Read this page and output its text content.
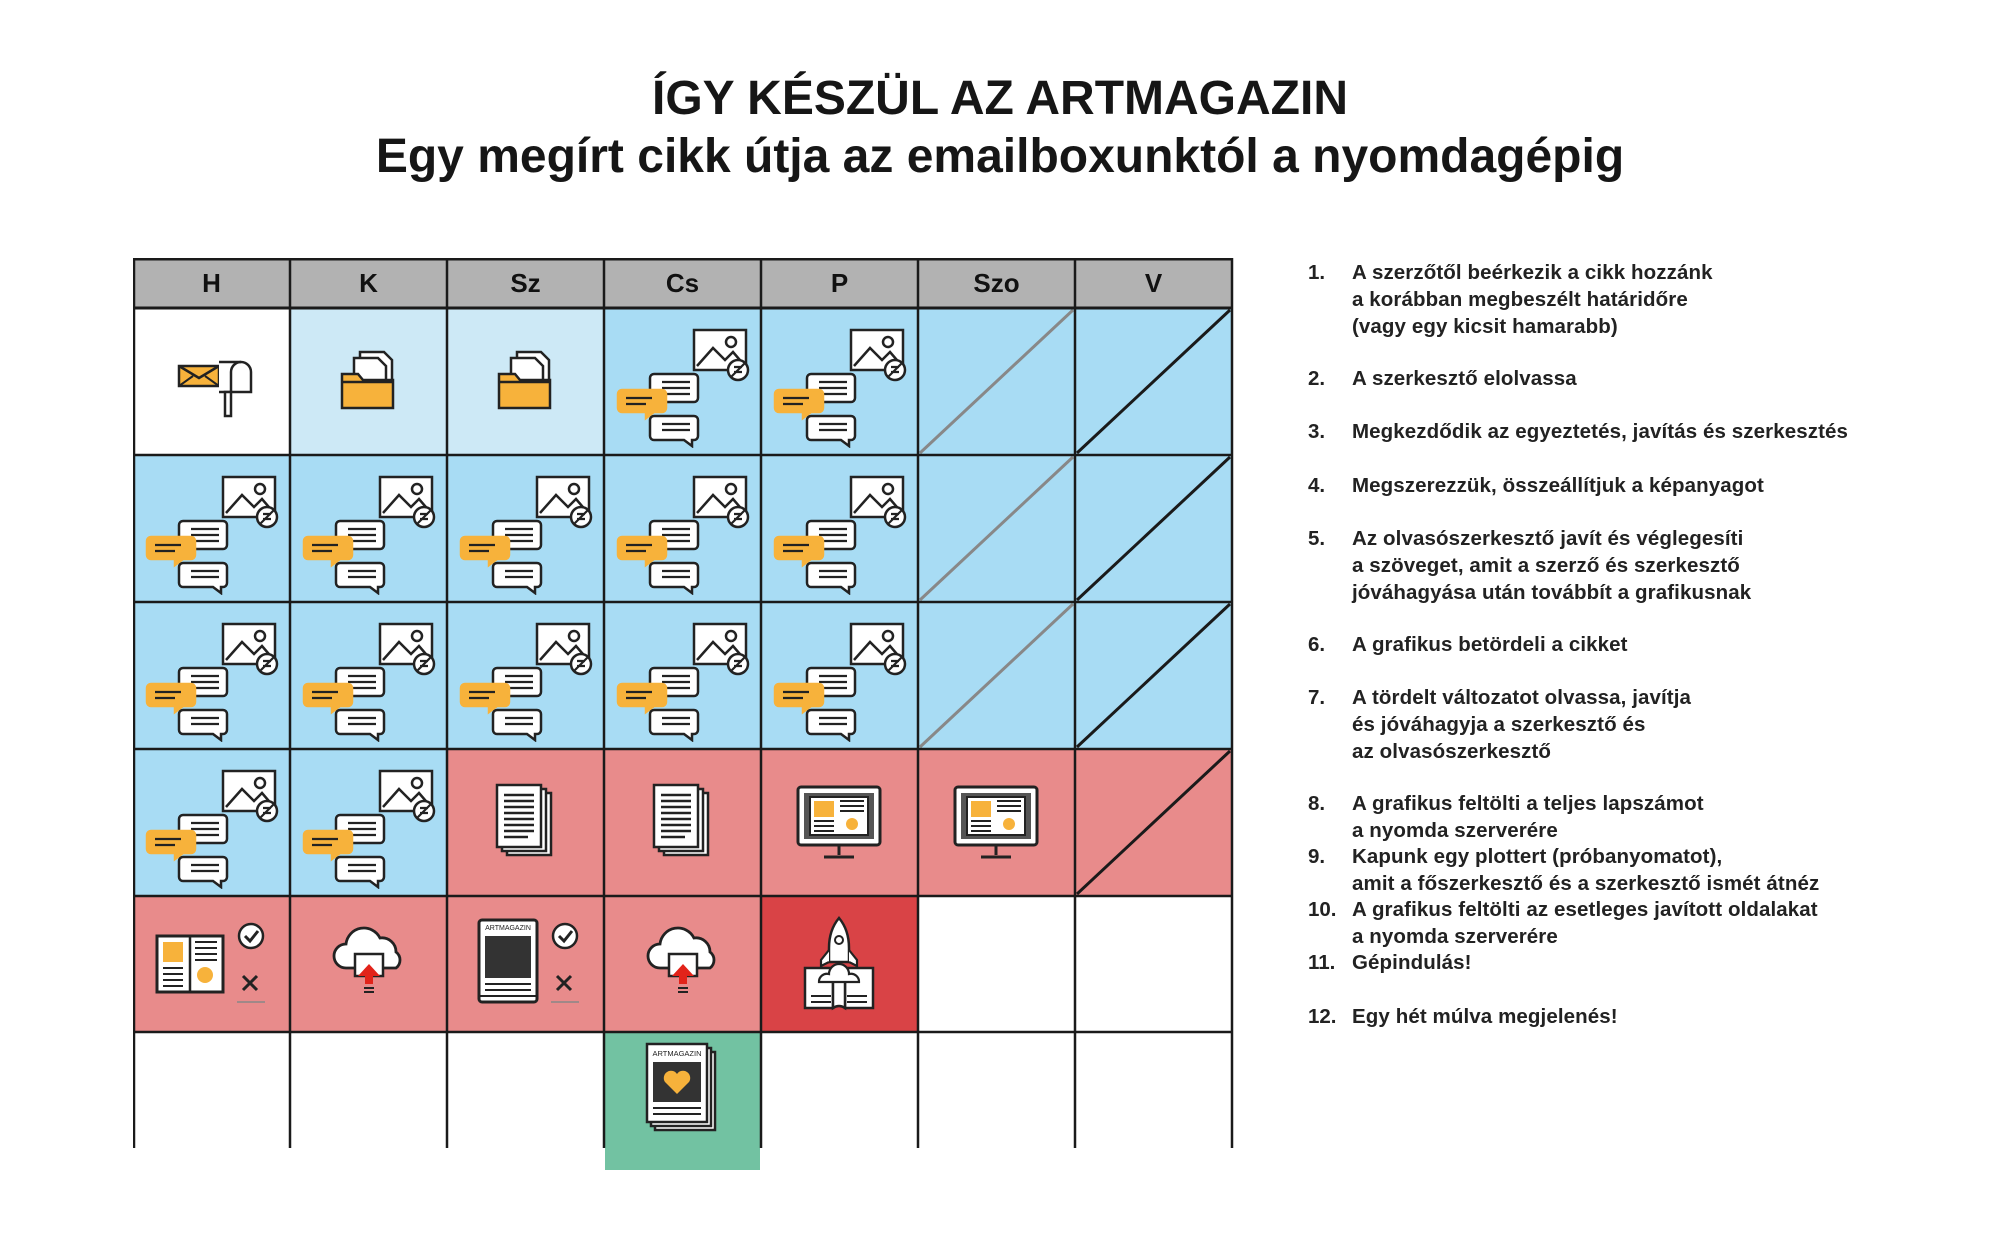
ÍGY KÉSZÜL AZ ARTMAGAZIN
Egy megírt cikk útja az emailboxunktól a nyomdagépig
H	K	Sz	Cs	P	Szo	V
ARTMAGAZIN
ARTMAGAZIN
1.	A szerzőtől beérkezik a cikk hozzánk
a korábban megbeszélt határidőre
(vagy egy kicsit hamarabb)
2.	A szerkesztő elolvassa
3.	Megkezdődik az egyeztetés, javítás és szerkesztés
4.	Megszerezzük, összeállítjuk a képanyagot
5.	Az olvasószerkesztő javít és véglegesíti
a szöveget, amit a szerző és szerkesztő
jóváhagyása után továbbít a grafikusnak
6.	A grafikus betördeli a cikket
7.	A tördelt változatot olvassa, javítja
és jóváhagyja a szerkesztő és
az olvasószerkesztő
8.	A grafikus feltölti a teljes lapszámot
a nyomda szerverére
9.	Kapunk egy plottert (próbanyomatot),
amit a főszerkesztő és a szerkesztő ismét átnéz
10. A grafikus feltölti az esetleges javított oldalakat
a nyomda szerverére
11. Gépindulás!
12. Egy hét múlva megjelenés!
